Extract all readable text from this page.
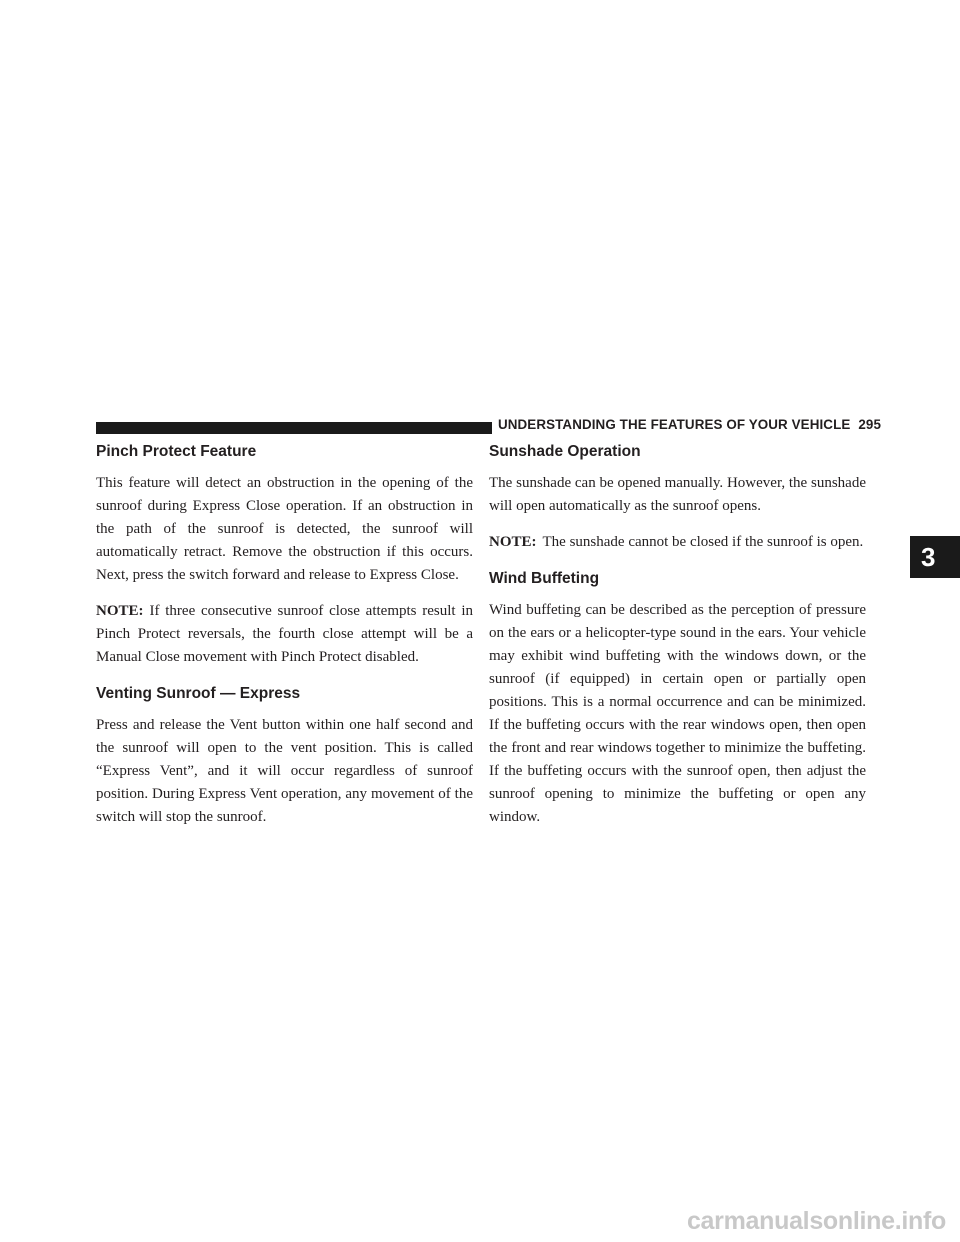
UNDERSTANDING THE FEATURES OF YOUR VEHICLE 295
Pinch Protect Feature

This feature will detect an obstruction in the opening of the sunroof during Express Close operation. If an obstruction in the path of the sunroof is detected, the sunroof will automatically retract. Remove the obstruction if this occurs. Next, press the switch forward and release to Express Close.

NOTE: If three consecutive sunroof close attempts result in Pinch Protect reversals, the fourth close attempt will be a Manual Close movement with Pinch Protect disabled.

Venting Sunroof — Express

Press and release the Vent button within one half second and the sunroof will open to the vent position. This is called “Express Vent”, and it will occur regardless of sunroof position. During Express Vent operation, any movement of the switch will stop the sunroof.

Sunshade Operation

The sunshade can be opened manually. However, the sunshade will open automatically as the sunroof opens.

NOTE: The sunshade cannot be closed if the sunroof is open.

Wind Buffeting

Wind buffeting can be described as the perception of pressure on the ears or a helicopter-type sound in the ears. Your vehicle may exhibit wind buffeting with the windows down, or the sunroof (if equipped) in certain open or partially open positions. This is a normal occurrence and can be minimized. If the buffeting occurs with the rear windows open, then open the front and rear windows together to minimize the buffeting. If the buffeting occurs with the sunroof open, then adjust the sunroof opening to minimize the buffeting or open any window.

3
carmanualsonline.info
